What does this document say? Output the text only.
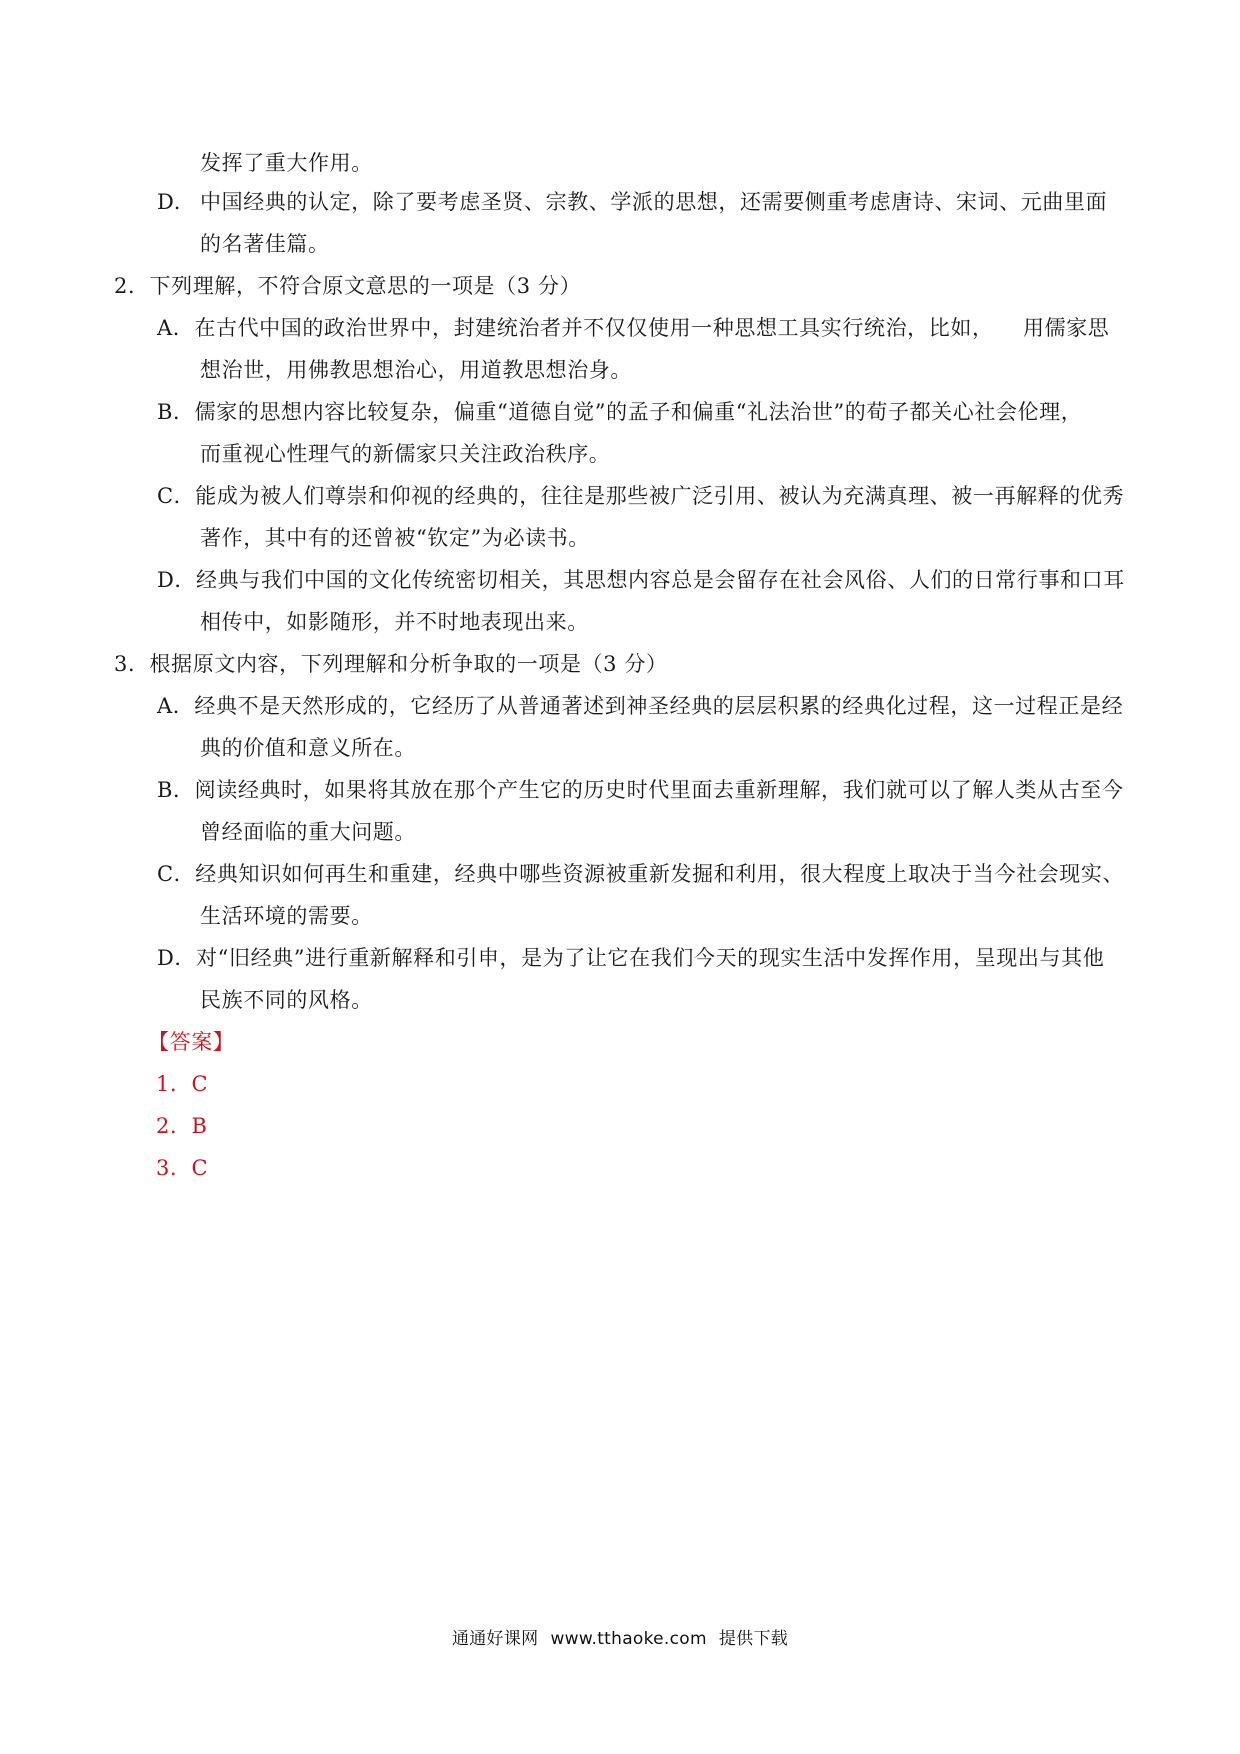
发挥了重大作用。
D. 中国经典的认定，除了要考虑圣贤、宗教、学派的思想，还需要侧重考虑唐诗、宋词、元曲里面
的名著佳篇。
2．下列理解，不符合原文意思的一项是（3 分）
A．在古代中国的政治世界中，封建统治者并不仅仅使用一种思想工具实行统治，比如， 用儒家思
想治世，用佛教思想治心，用道教思想治身。
B．儒家的思想内容比较复杂，偏重“道德自觉”的孟子和偏重“礼法治世”的荀子都关心社会伦理，
而重视心性理气的新儒家只关注政治秩序。
C．能成为被人们尊崇和仰视的经典的，往往是那些被广泛引用、被认为充满真理、被一再解释的优秀
著作，其中有的还曾被“钦定”为必读书。
D．经典与我们中国的文化传统密切相关，其思想内容总是会留存在社会风俗、人们的日常行事和口耳
相传中，如影随形，并不时地表现出来。
3．根据原文内容，下列理解和分析争取的一项是（3 分）
A．经典不是天然形成的，它经历了从普通著述到神圣经典的层层积累的经典化过程，这一过程正是经
典的价值和意义所在。
B．阅读经典时，如果将其放在那个产生它的历史时代里面去重新理解，我们就可以了解人类从古至今
曾经面临的重大问题。
C．经典知识如何再生和重建，经典中哪些资源被重新发掘和利用，很大程度上取决于当今社会现实、
生活环境的需要。
D．对“旧经典”进行重新解释和引申，是为了让它在我们今天的现实生活中发挥作用，呈现出与其他
民族不同的风格。
【答案】
1．C
2．B
3．C
通通好课网 www.tthaoke.com 提供下载
